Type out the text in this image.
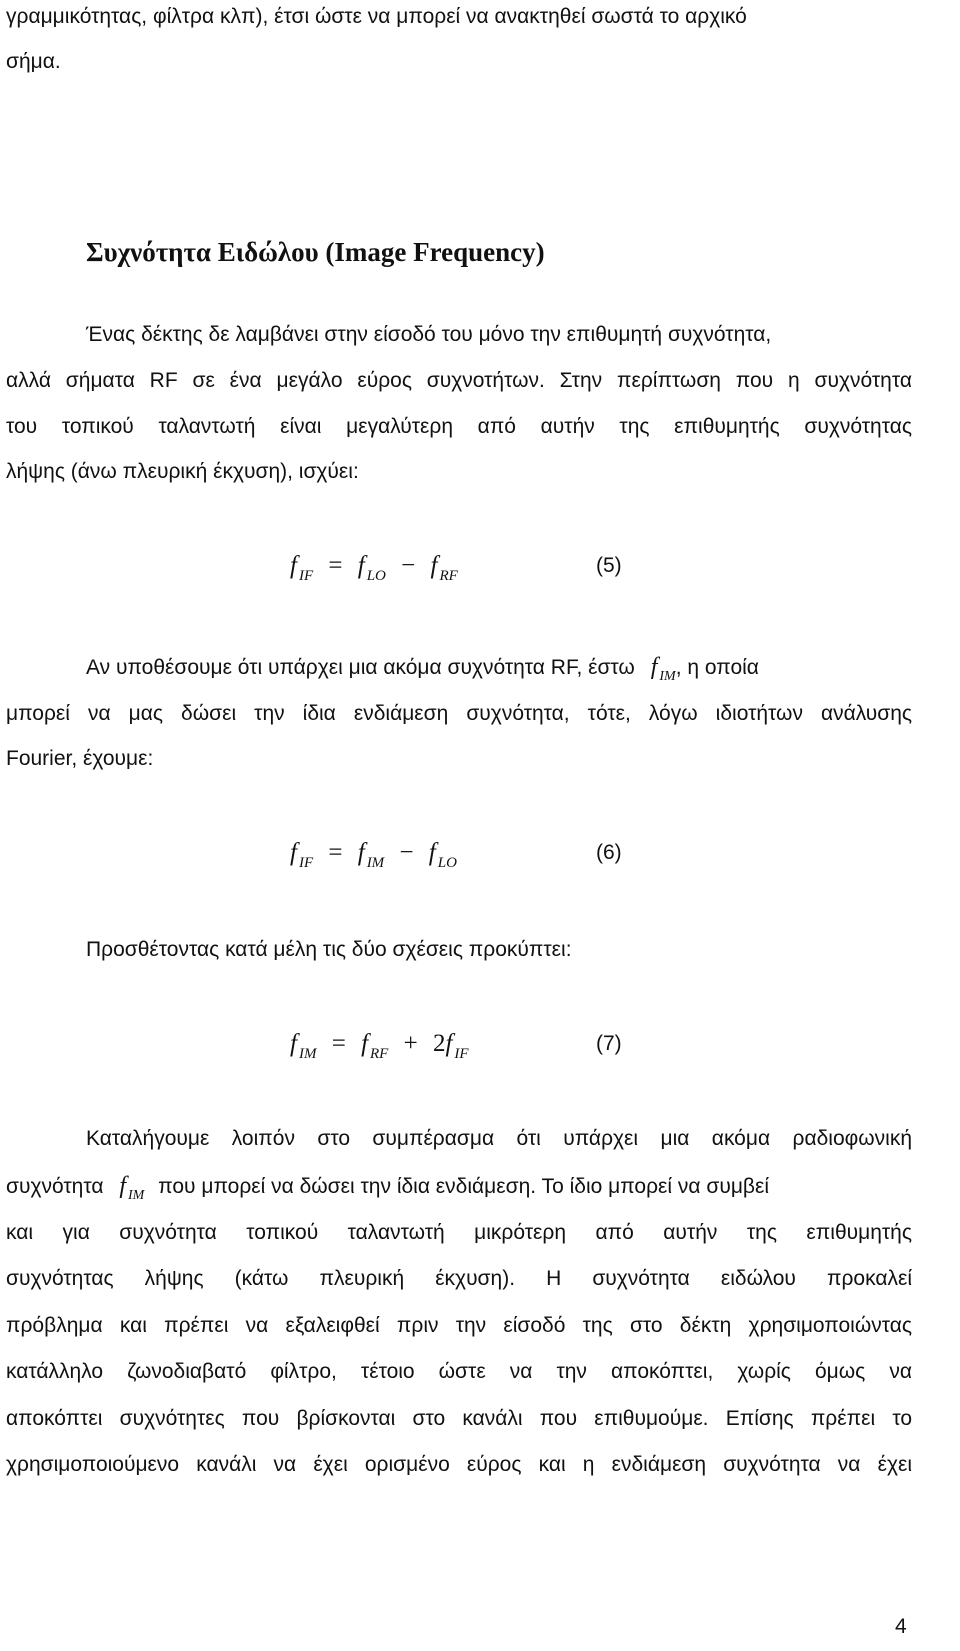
γραμμικότητας, φίλτρα κλπ), έτσι ώστε να μπορεί να ανακτηθεί σωστά το αρχικό
σήμα.
Συχνότητα Ειδώλου (Image Frequency)
Ένας δέκτης δε λαμβάνει στην είσοδό του μόνο την επιθυμητή συχνότητα,
αλλά σήματα RF σε ένα μεγάλο εύρος συχνοτήτων. Στην περίπτωση που η συχνότητα
του τοπικού ταλαντωτή είναι μεγαλύτερη από αυτήν της επιθυμητής συχνότητας
λήψης (άνω πλευρική έκχυση), ισχύει:
f $_{IF}$ = f $_{LO}$ − f $_{RF}$	(5)
Αν υποθέσουμε ότι υπάρχει μια ακόμα συχνότητα RF, έστω f $_{IM}$, η οποία
μπορεί να μας δώσει την ίδια ενδιάμεση συχνότητα, τότε, λόγω ιδιοτήτων ανάλυσης
Fourier, έχουμε:
f $_{IF}$ = f $_{IM}$ − f $_{LO}$	(6)
Προσθέτοντας κατά μέλη τις δύο σχέσεις προκύπτει:
f $_{IM}$ = f $_{RF}$ + 2f $_{IF}$	(7)
Καταλήγουμε λοιπόν στο συμπέρασμα ότι υπάρχει μια ακόμα ραδιοφωνική
συχνότητα f $_{IM}$ που μπορεί να δώσει την ίδια ενδιάμεση. Το ίδιο μπορεί να συμβεί
και για συχνότητα τοπικού ταλαντωτή μικρότερη από αυτήν της επιθυμητής
συχνότητας λήψης (κάτω πλευρική έκχυση). Η συχνότητα ειδώλου προκαλεί
πρόβλημα και πρέπει να εξαλειφθεί πριν την είσοδό της στο δέκτη χρησιμοποιώντας
κατάλληλο ζωνοδιαβατό φίλτρο, τέτοιο ώστε να την αποκόπτει, χωρίς όμως να
αποκόπτει συχνότητες που βρίσκονται στο κανάλι που επιθυμούμε. Επίσης πρέπει το
χρησιμοποιούμενο κανάλι να έχει ορισμένο εύρος και η ενδιάμεση συχνότητα να έχει
4
